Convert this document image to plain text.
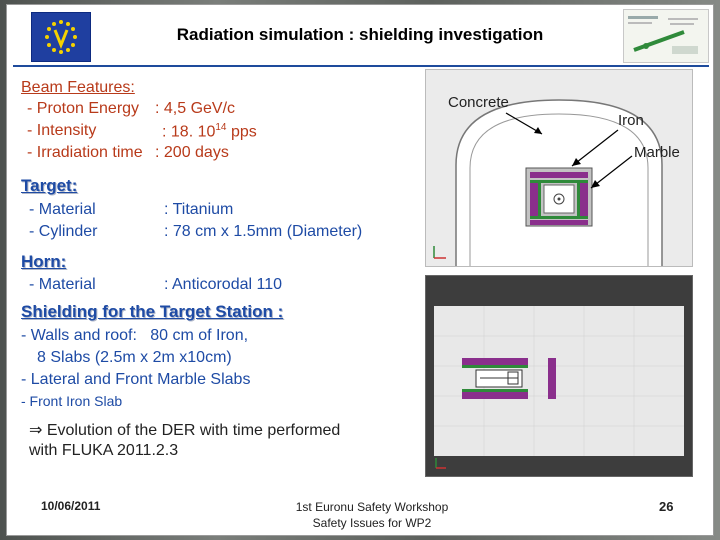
Radiation simulation : shielding investigation
Beam Features:
- Proton Energy : 4,5 GeV/c
- Intensity	: 18. $10^{14}$ pps
- Irradiation time : 200 days
Target:
- Material	: Titanium
- Cylinder	: 78 cm x 1.5mm (Diameter)
Horn:
- Material	: Anticorodal 110
Shielding for the Target Station :
- Walls and roof:   80 cm of Iron,
8 Slabs (2.5m x 2m x10cm)
- Lateral and Front Marble Slabs
- Front Iron Slab
⇒ Evolution of the DER with time performed
with FLUKA 2011.2.3
Concrete
Iron
Marble
10/06/2011	1st Euronu Safety Workshop
Safety Issues for WP2
26
